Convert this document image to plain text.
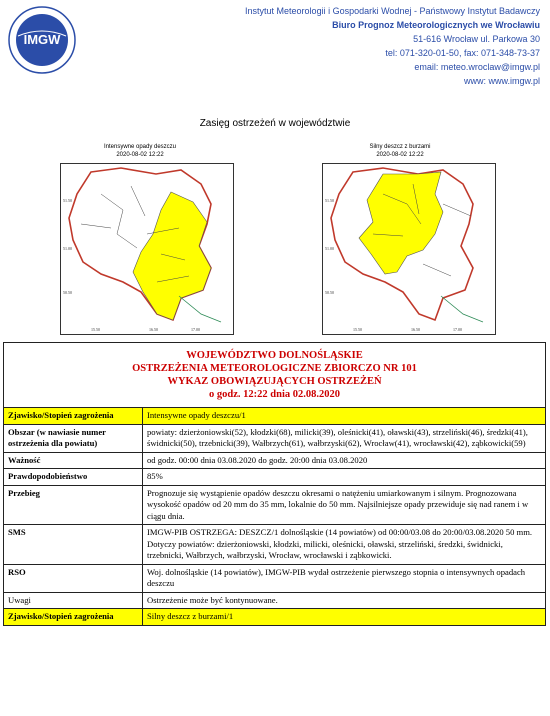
IMGW
Instytut Meteorologii i Gospodarki Wodnej - Państwowy Instytut Badawczy
Biuro Prognoz Meteorologicznych we Wrocławiu
51-616 Wrocław ul. Parkowa 30
tel: 071-320-01-50, fax: 071-348-73-37
email: meteo.wroclaw@imgw.pl
www: www.imgw.pl
Zasięg ostrzeżeń w województwie
Intensywne opady deszczu
2020-08-02 12:22
Silny deszcz z burzami
2020-08-02 12:22
51.50
51.00
50.50
15.50	16.50	17.00
51.50
51.00
50.50
15.50	16.50	17.00
WOJEWÓDZTWO DOLNOŚLĄSKIE
OSTRZEŻENIA METEOROLOGICZNE ZBIORCZO NR 101
WYKAZ OBOWIĄZUJĄCYCH OSTRZEŻEŃ
o godz. 12:22 dnia 02.08.2020	

Zjawisko/Stopień zagrożenia	Intensywne opady deszczu/1
Obszar (w nawiasie numer ostrzeżenia dla powiatu)	powiaty: dzierżoniowski(52), kłodzki(68), milicki(39), oleśnicki(41), oławski(43), strzeliński(46), średzki(41), świdnicki(50), trzebnicki(39), Wałbrzych(61), wałbrzyski(62), Wrocław(41), wrocławski(42), ząbkowicki(59)
Ważność	od godz. 00:00 dnia 03.08.2020 do godz. 20:00 dnia 03.08.2020
Prawdopodobieństwo	85%
Przebieg	Prognozuje się wystąpienie opadów deszczu okresami o natężeniu umiarkowanym i silnym. Prognozowana wysokość opadów od 20 mm do 35 mm, lokalnie do 50 mm. Najsilniejsze opady przewiduje się nad ranem i w ciągu dnia.
SMS	IMGW-PIB OSTRZEGA: DESZCZ/1 dolnośląskie (14 powiatów) od 00:00/03.08 do 20:00/03.08.2020 50 mm. Dotyczy powiatów: dzierżoniowski, kłodzki, milicki, oleśnicki, oławski, strzeliński, średzki, świdnicki, trzebnicki, Wałbrzych, wałbrzyski, Wrocław, wrocławski i ząbkowicki.
RSO	Woj. dolnośląskie (14 powiatów), IMGW-PIB wydał ostrzeżenie pierwszego stopnia o intensywnych opadach deszczu
Uwagi	Ostrzeżenie może być kontynuowane.
Zjawisko/Stopień zagrożenia	Silny deszcz z burzami/1
